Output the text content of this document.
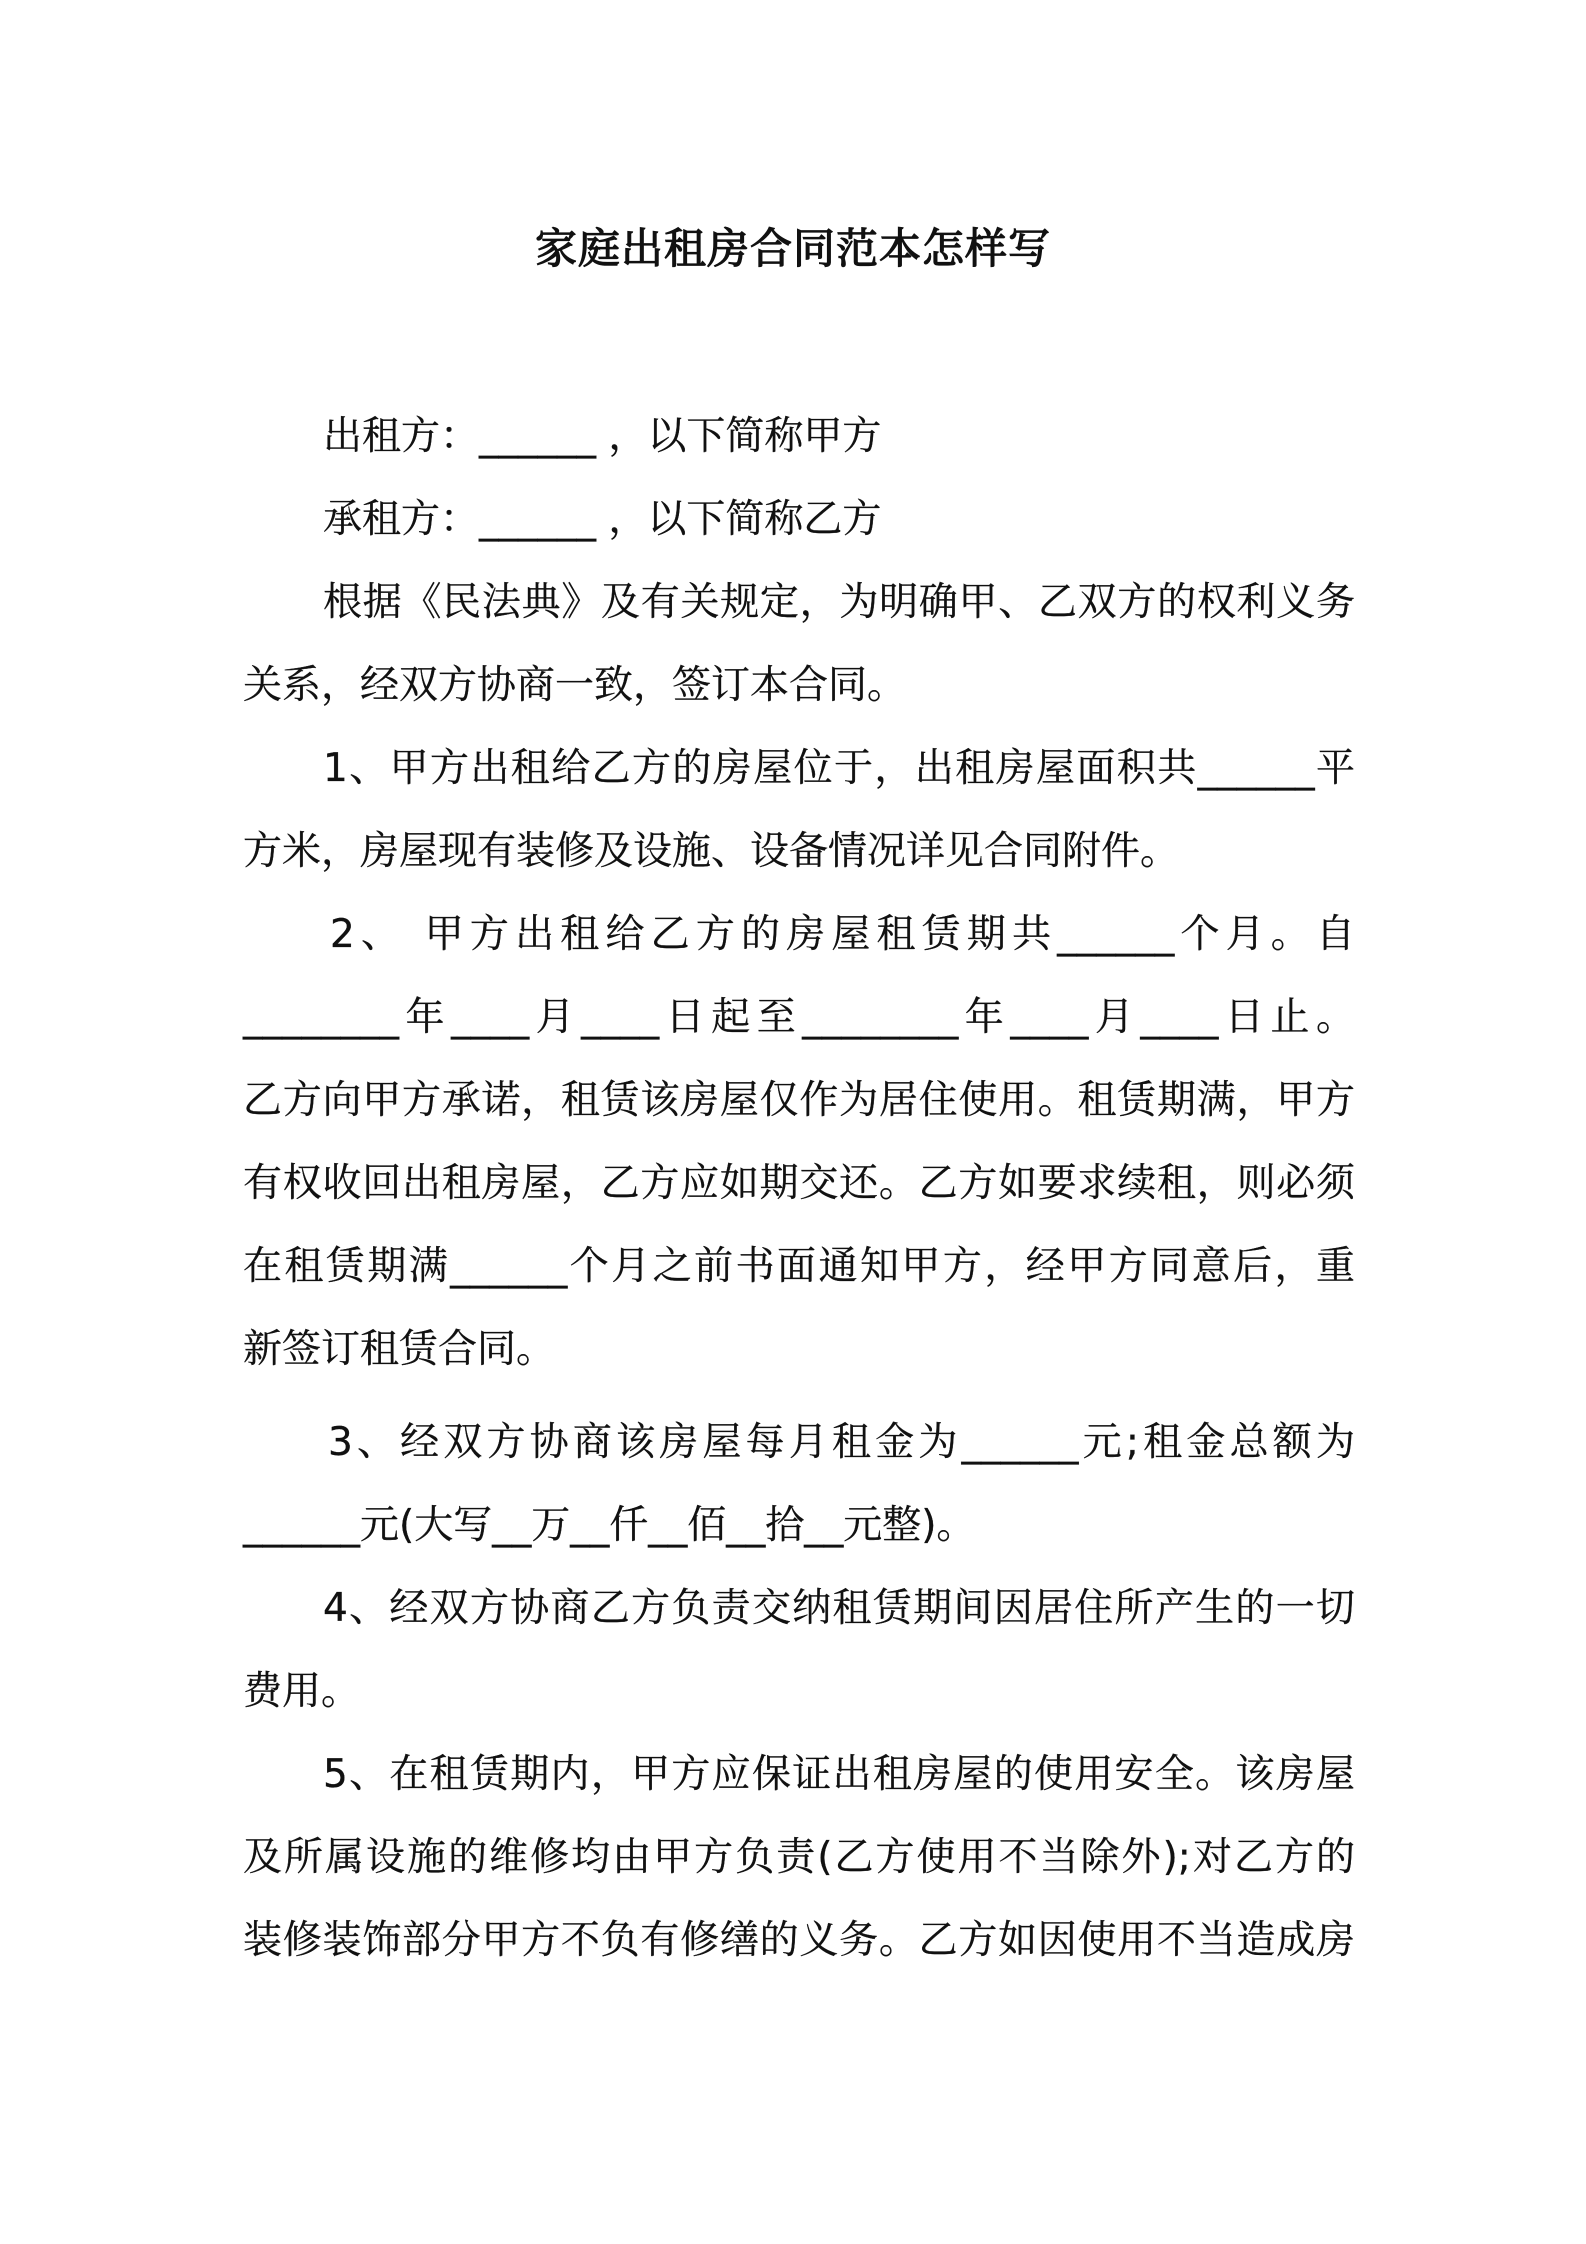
家庭出租房合同范本怎样写
出租方：______ ，以下简称甲方
承租方：______ ，以下简称乙方
根据《民法典》及有关规定，为明确甲、乙双方的权利义务
关系，经双方协商一致，签订本合同。
1、甲方出租给乙方的房屋位于，出租房屋面积共______平
方米，房屋现有装修及设施、设备情况详见合同附件。
2、 甲方出租给乙方的房屋租赁期共______个月。自
________年____月____日起至________年____月____日止。
乙方向甲方承诺，租赁该房屋仅作为居住使用。租赁期满，甲方
有权收回出租房屋，乙方应如期交还。乙方如要求续租，则必须
在租赁期满______个月之前书面通知甲方，经甲方同意后，重
新签订租赁合同。
3、经双方协商该房屋每月租金为______元;租金总额为
______元(大写__万__仟__佰__拾__元整)。
4、经双方协商乙方负责交纳租赁期间因居住所产生的一切
费用。
5、在租赁期内，甲方应保证出租房屋的使用安全。该房屋
及所属设施的维修均由甲方负责(乙方使用不当除外);对乙方的
装修装饰部分甲方不负有修缮的义务。乙方如因使用不当造成房
